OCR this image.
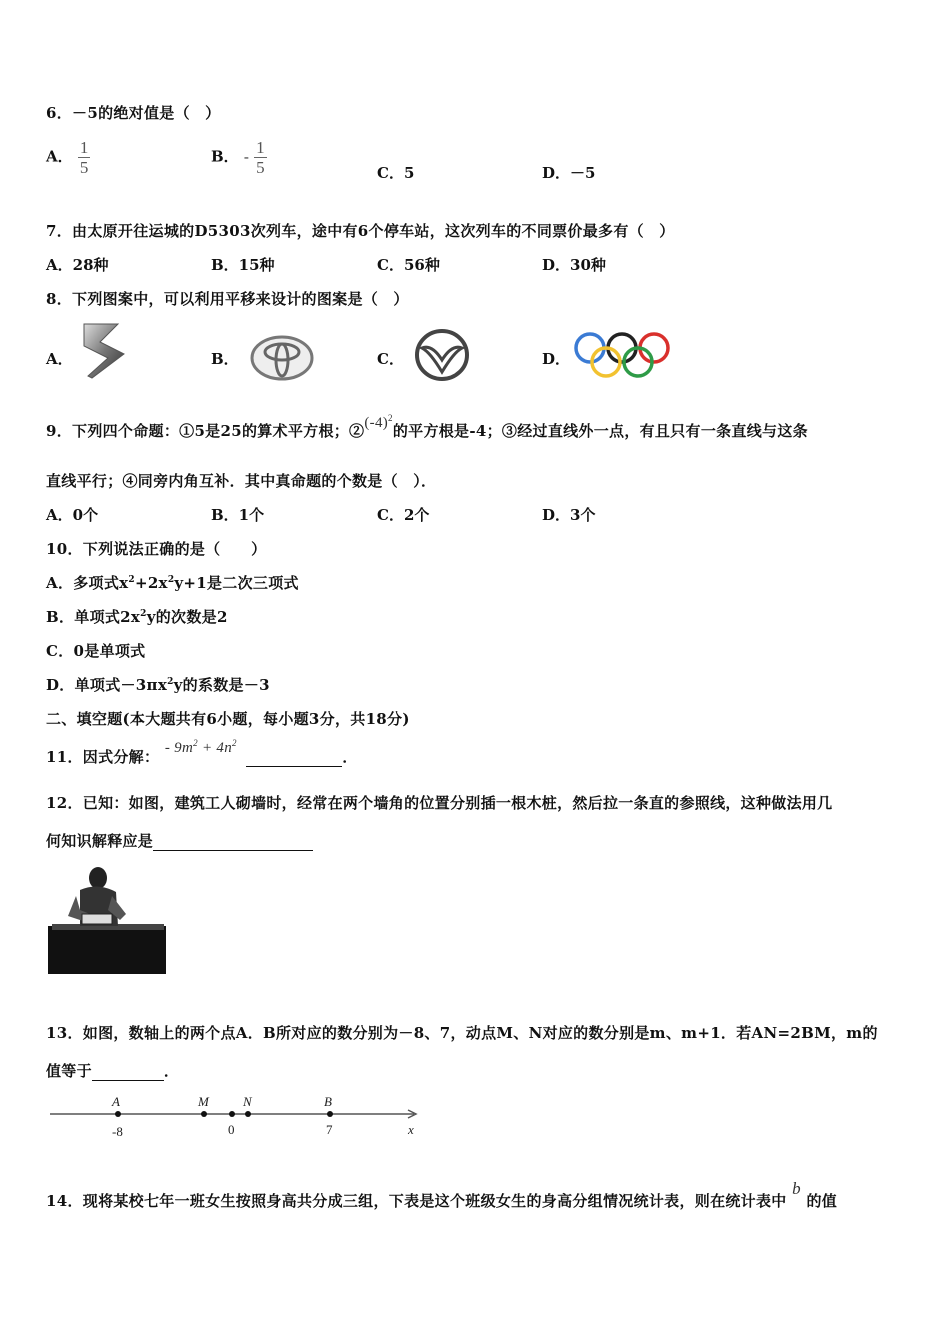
6．－5的绝对值是（　）
A． $\frac{1}{5}$	B． - $\frac{1}{5}$	C．5	D．－5
7．由太原开往运城的D5303次列车，途中有6个停车站，这次列车的不同票价最多有（　）
A．28种	B．15种	C．56种	D．30种
8．下列图案中，可以利用平移来设计的图案是（　）
A．	B．	C．	D．
9．下列四个命题：①5是25的算术平方根；$②(-4)^2$的平方根是-4；③经过直线外一点，有且只有一条直线与这条
直线平行；④同旁内角互补．其中真命题的个数是（　）．
A．0个	B．1个	C．2个	D．3个
10．下列说法正确的是（　　）
A．多项式$x^2+2x^2y+1$是二次三项式
B．单项式$2x^2y$的次数是2
C．0是单项式
D．单项式$-3\pi x^2y$的系数是－3
二、填空题(本大题共有6小题，每小题3分，共18分)
11．因式分解： - $9m^2 + 4n^2$ ．
12．已知：如图，建筑工人砌墙时，经常在两个墙角的位置分别插一根木桩，然后拉一条直的参照线，这种做法用几
何知识解释应是
13．如图，数轴上的两个点A．B所对应的数分别为－8、7，动点M、N对应的数分别是m、m+1．若AN=2BM，m的
值等于	．
A	M	N	B
x
-8	0	7
14．现将某校七年一班女生按照身高共分成三组，下表是这个班级女生的身高分组情况统计表，则在统计表中 b 的值
